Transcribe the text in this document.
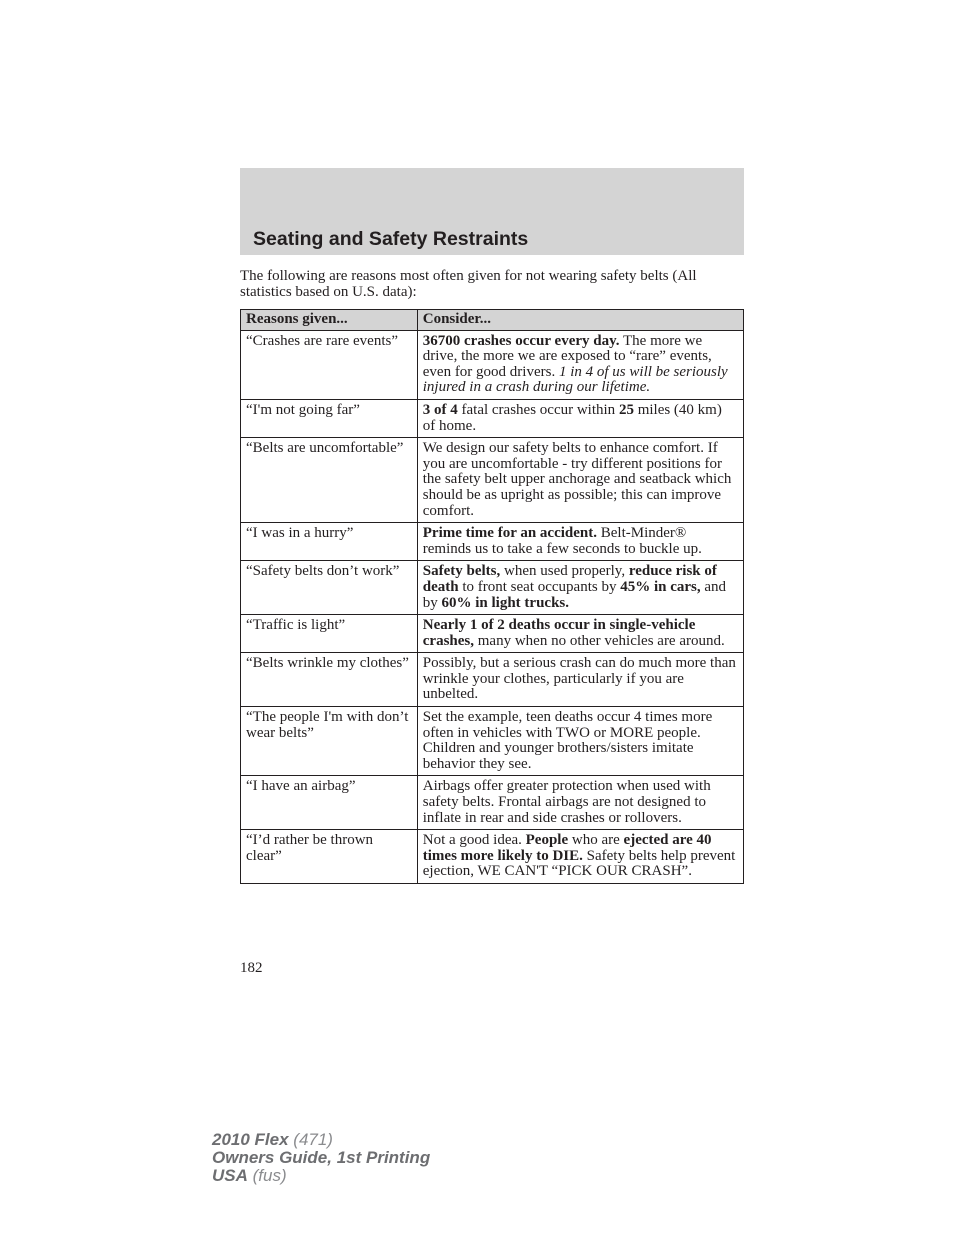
Seating and Safety Restraints

The following are reasons most often given for not wearing safety belts (All statistics based on U.S. data):

Reasons given...	Consider...
“Crashes are rare events”	36700 crashes occur every day. The more we drive, the more we are exposed to “rare” events, even for good drivers. 1 in 4 of us will be seriously injured in a crash during our lifetime.
“I'm not going far”	3 of 4 fatal crashes occur within 25 miles (40 km) of home.
“Belts are uncomfortable”	We design our safety belts to enhance comfort. If you are uncomfortable - try different positions for the safety belt upper anchorage and seatback which should be as upright as possible; this can improve comfort.
“I was in a hurry”	Prime time for an accident. Belt-Minder® reminds us to take a few seconds to buckle up.
“Safety belts don’t work”	Safety belts, when used properly, reduce risk of death to front seat occupants by 45% in cars, and by 60% in light trucks.
“Traffic is light”	Nearly 1 of 2 deaths occur in single-vehicle crashes, many when no other vehicles are around.
“Belts wrinkle my clothes”	Possibly, but a serious crash can do much more than wrinkle your clothes, particularly if you are unbelted.
“The people I'm with don’t wear belts”	Set the example, teen deaths occur 4 times more often in vehicles with TWO or MORE people. Children and younger brothers/sisters imitate behavior they see.
“I have an airbag”	Airbags offer greater protection when used with safety belts. Frontal airbags are not designed to inflate in rear and side crashes or rollovers.
“I’d rather be thrown clear”	Not a good idea. People who are ejected are 40 times more likely to DIE. Safety belts help prevent ejection, WE CAN'T “PICK OUR CRASH”.
182
2010 Flex (471)
Owners Guide, 1st Printing
USA (fus)
